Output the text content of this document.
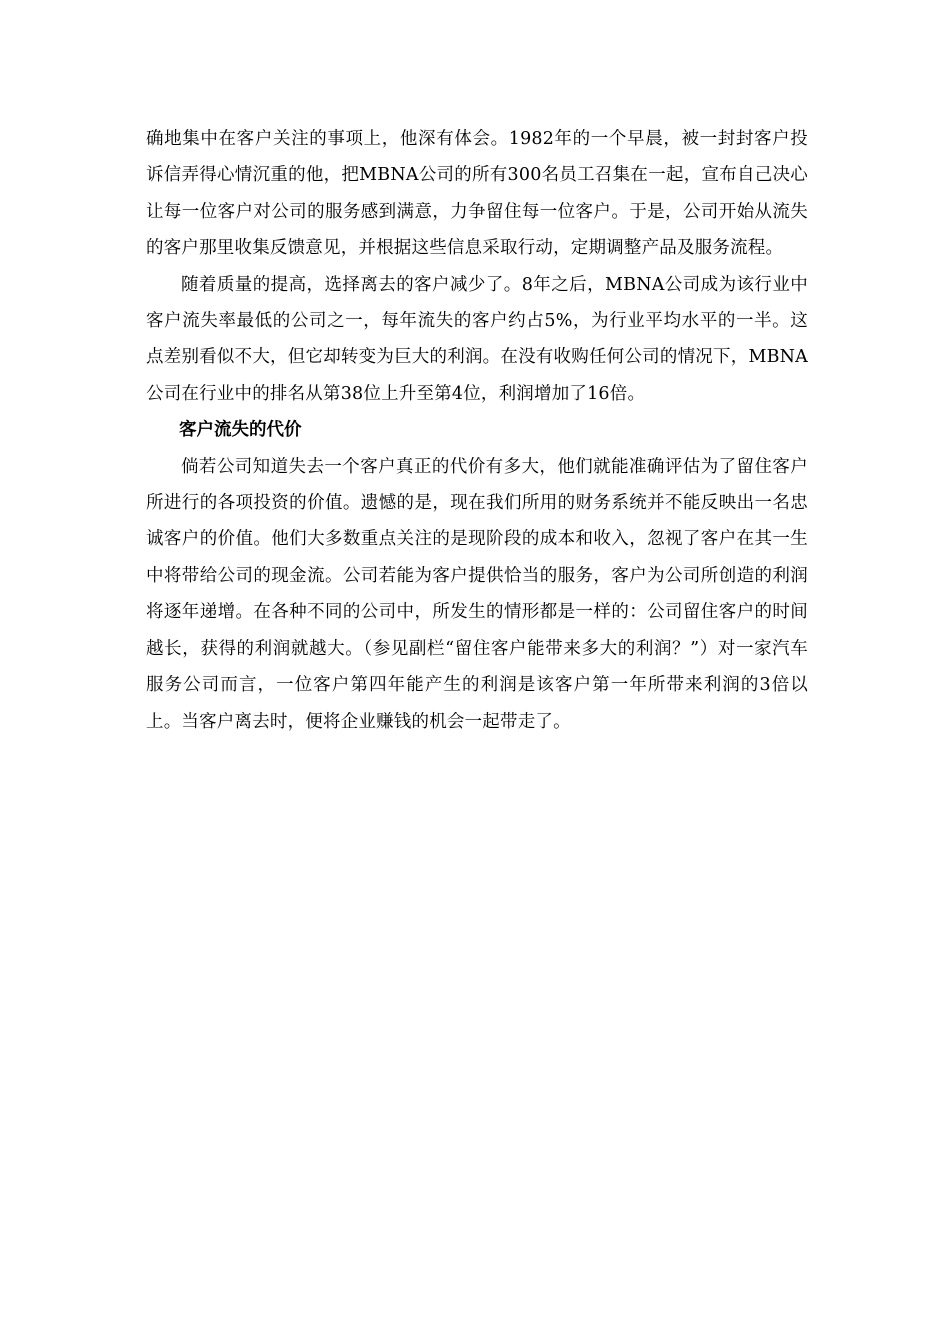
确地集中在客户关注的事项上，他深有体会。1982年的一个早晨，被一封封客户投诉信弄得心情沉重的他，把MBNA公司的所有300名员工召集在一起，宣布自己决心让每一位客户对公司的服务感到满意，力争留住每一位客户。于是，公司开始从流失的客户那里收集反馈意见，并根据这些信息采取行动，定期调整产品及服务流程。

随着质量的提高，选择离去的客户减少了。8年之后，MBNA公司成为该行业中客户流失率最低的公司之一，每年流失的客户约占5%，为行业平均水平的一半。这点差别看似不大，但它却转变为巨大的利润。在没有收购任何公司的情况下，MBNA公司在行业中的排名从第38位上升至第4位，利润增加了16倍。

客户流失的代价

倘若公司知道失去一个客户真正的代价有多大，他们就能准确评估为了留住客户所进行的各项投资的价值。遗憾的是，现在我们所用的财务系统并不能反映出一名忠诚客户的价值。他们大多数重点关注的是现阶段的成本和收入，忽视了客户在其一生中将带给公司的现金流。公司若能为客户提供恰当的服务，客户为公司所创造的利润将逐年递增。在各种不同的公司中，所发生的情形都是一样的：公司留住客户的时间越长，获得的利润就越大。（参见副栏“留住客户能带来多大的利润？”）对一家汽车服务公司而言，一位客户第四年能产生的利润是该客户第一年所带来利润的3倍以上。当客户离去时，便将企业赚钱的机会一起带走了。
